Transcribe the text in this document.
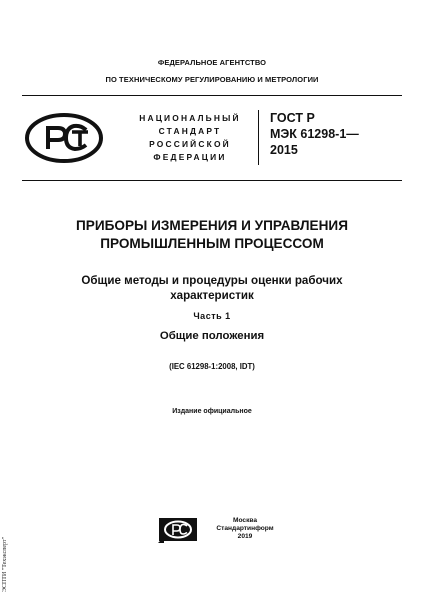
ФЕДЕРАЛЬНОЕ АГЕНТСТВО
ПО ТЕХНИЧЕСКОМУ РЕГУЛИРОВАНИЮ И МЕТРОЛОГИИ
НАЦИОНАЛЬНЫЙ
СТАНДАРТ
РОССИЙСКОЙ
ФЕДЕРАЦИИ
ГОСТ Р
МЭК 61298-1—
2015
ПРИБОРЫ ИЗМЕРЕНИЯ И УПРАВЛЕНИЯ
ПРОМЫШЛЕННЫМ ПРОЦЕССОМ
Общие методы и процедуры оценки рабочих
характеристик
Часть 1
Общие положения
(IEC 61298-1:2008, IDT)
Издание официальное
Москва
Стандартинформ
2019
ЭСПТИ "Техэксперт"
